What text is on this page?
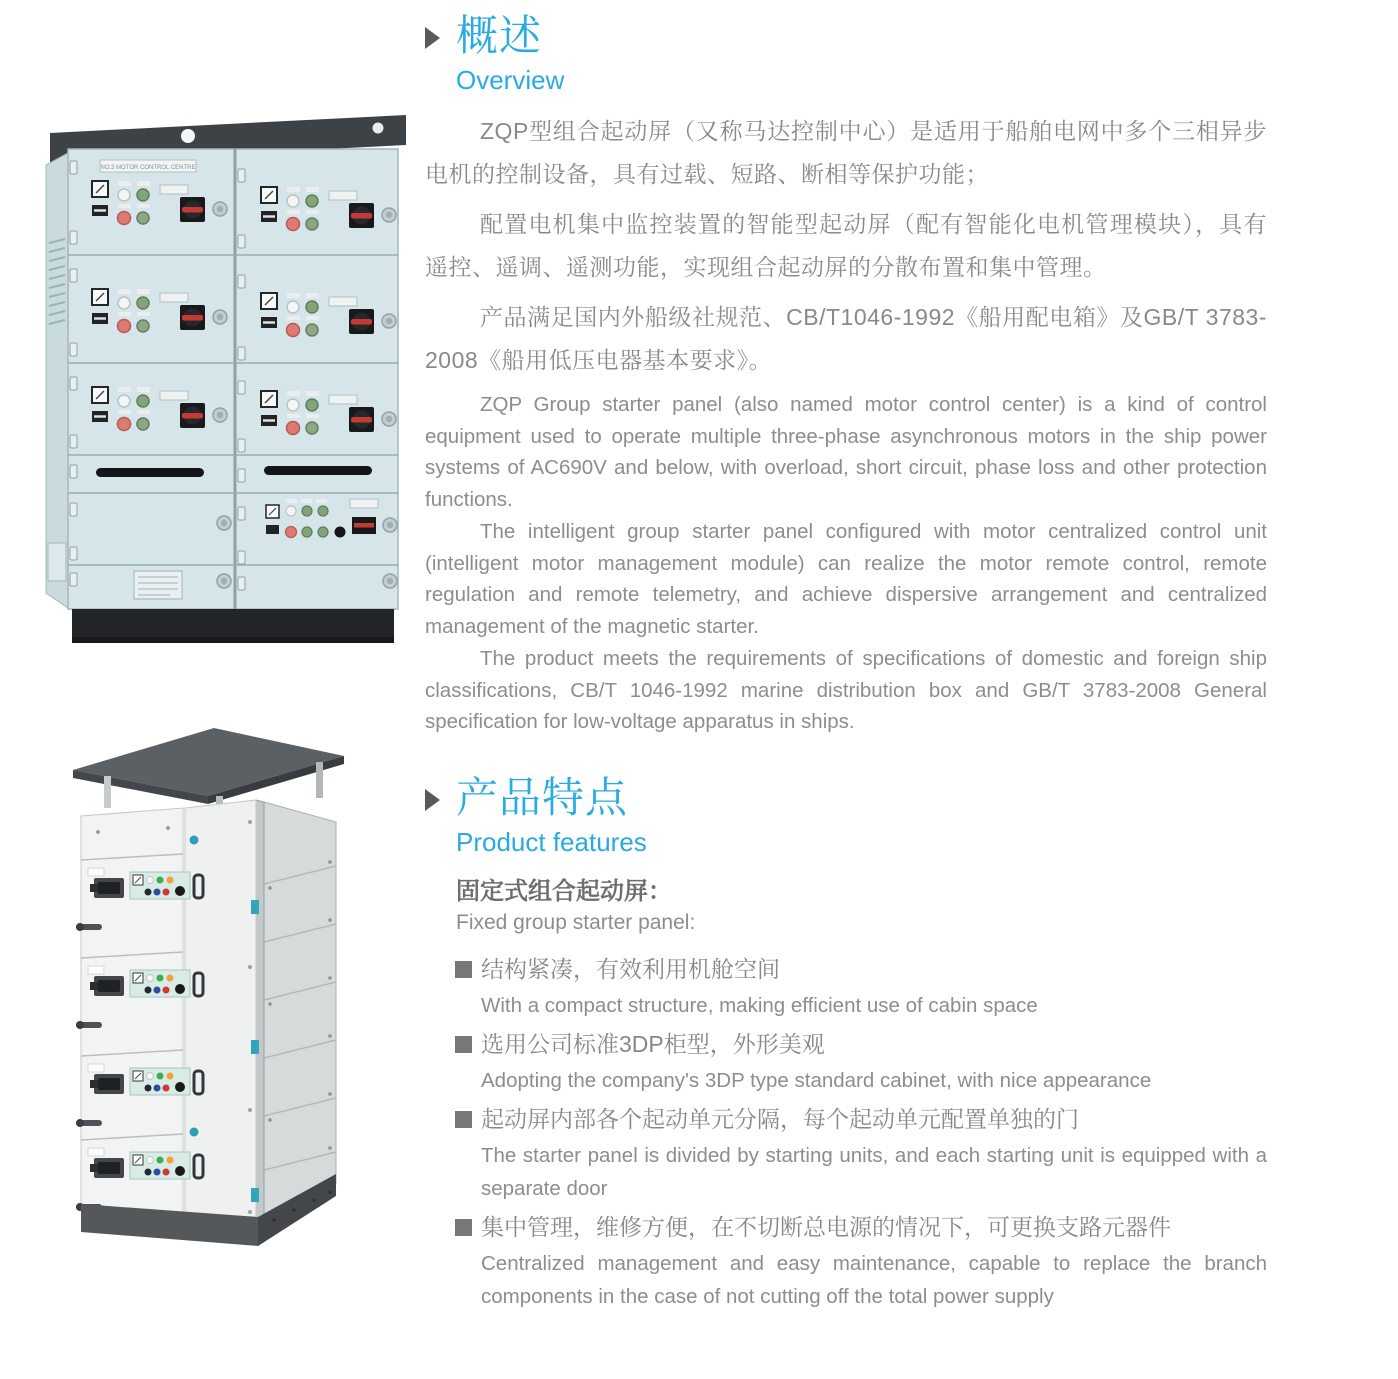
NO.3 MOTOR CONTROL CENTRE
概述
Overview

ZQP型组合起动屏（又称马达控制中心）是适用于船舶电网中多个三相异步电机的控制设备，具有过载、短路、断相等保护功能；

配置电机集中监控装置的智能型起动屏（配有智能化电机管理模块），具有遥控、遥调、遥测功能，实现组合起动屏的分散布置和集中管理。

产品满足国内外船级社规范、CB/T1046-1992《船用配电箱》及GB/T 3783-2008《船用低压电器基本要求》。

ZQP Group starter panel (also named motor control center) is a kind of control equipment used to operate multiple three-phase asynchronous motors in the ship power systems of AC690V and below, with overload, short circuit, phase loss and other protection functions.

The intelligent group starter panel configured with motor centralized control unit (intelligent motor management module) can realize the motor remote control, remote regulation and remote telemetry, and achieve dispersive arrangement and centralized management of the magnetic starter.

The product meets the requirements of specifications of domestic and foreign ship classifications, CB/T 1046-1992 marine distribution box and GB/T 3783-2008 General specification for low-voltage apparatus in ships.

产品特点
Product features
固定式组合起动屏：
Fixed group starter panel:
结构紧凑，有效利用机舱空间
With a compact structure, making efficient use of cabin space
选用公司标准3DP柜型，外形美观
Adopting the company's 3DP type standard cabinet, with nice appearance
起动屏内部各个起动单元分隔，每个起动单元配置单独的门
The starter panel is divided by starting units, and each starting unit is equipped with a separate door
集中管理，维修方便，在不切断总电源的情况下，可更换支路元器件
Centralized management and easy maintenance, capable to replace the branch components in the case of not cutting off the total power supply
